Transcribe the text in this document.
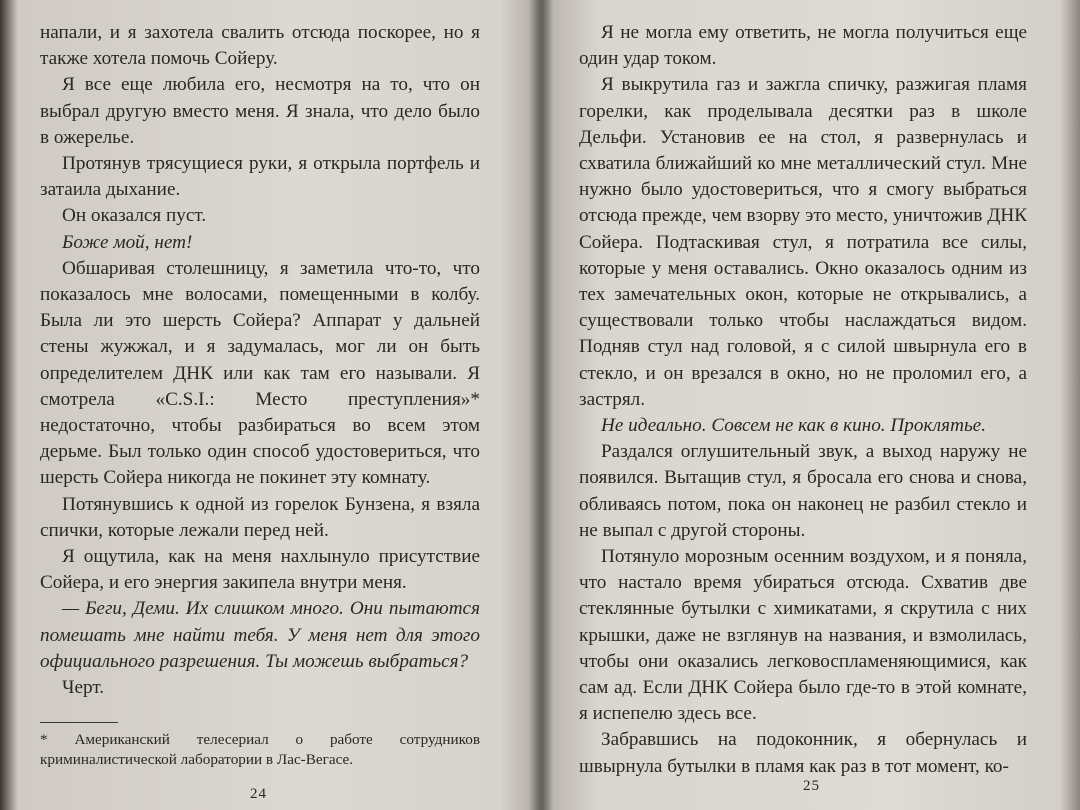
напали, и я захотела свалить отсюда поскорее, но я также хотела помочь Сойеру.

Я все еще любила его, несмотря на то, что он выбрал другую вместо меня. Я знала, что дело было в ожерелье.

Протянув трясущиеся руки, я открыла портфель и затаила дыхание.

Он оказался пуст.

Боже мой, нет!

Обшаривая столешницу, я заметила что-то, что показалось мне волосами, помещенными в колбу. Была ли это шерсть Сойера? Аппарат у дальней стены жужжал, и я задумалась, мог ли он быть определителем ДНК или как там его называли. Я смотрела «C.S.I.: Место преступления»* недостаточно, чтобы разбираться во всем этом дерьме. Был только один способ удостовериться, что шерсть Сойера никогда не покинет эту комнату.

Потянувшись к одной из горелок Бунзена, я взяла спички, которые лежали перед ней.

Я ощутила, как на меня нахлынуло присутствие Сойера, и его энергия закипела внутри меня.

— Беги, Деми. Их слишком много. Они пытаются помешать мне найти тебя. У меня нет для этого официального разрешения. Ты можешь выбраться?

Черт.

* Американский телесериал о работе сотрудников криминалистической лаборатории в Лас-Вегасе.
24

Я не могла ему ответить, не могла получиться еще один удар током.

Я выкрутила газ и зажгла спичку, разжигая пламя горелки, как проделывала десятки раз в школе Дельфи. Установив ее на стол, я развернулась и схватила ближайший ко мне металлический стул. Мне нужно было удостовериться, что я смогу выбраться отсюда прежде, чем взорву это место, уничтожив ДНК Сойера. Подтаскивая стул, я потратила все силы, которые у меня оставались. Окно оказалось одним из тех замечательных окон, которые не открывались, а существовали только чтобы наслаждаться видом. Подняв стул над головой, я с силой швырнула его в стекло, и он врезался в окно, но не проломил его, а застрял.

Не идеально. Совсем не как в кино. Проклятье.

Раздался оглушительный звук, а выход наружу не появился. Вытащив стул, я бросала его снова и снова, обливаясь потом, пока он наконец не разбил стекло и не выпал с другой стороны.

Потянуло морозным осенним воздухом, и я поняла, что настало время убираться отсюда. Схватив две стеклянные бутылки с химикатами, я скрутила с них крышки, даже не взглянув на названия, и взмолилась, чтобы они оказались легковоспламеняющимися, как сам ад. Если ДНК Сойера было где-то в этой комнате, я испепелю здесь все.

Забравшись на подоконник, я обернулась и швырнула бутылки в пламя как раз в тот момент, ко-

25
